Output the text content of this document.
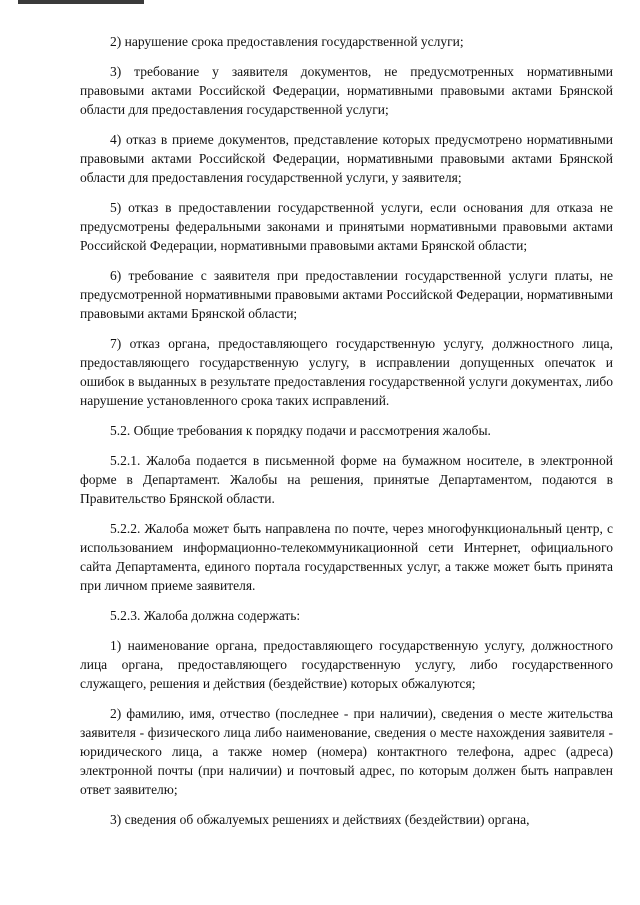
2) нарушение срока предоставления государственной услуги;

3) требование у заявителя документов, не предусмотренных нормативными правовыми актами Российской Федерации, нормативными правовыми актами Брянской области для предоставления государственной услуги;

4) отказ в приеме документов, представление которых предусмотрено нормативными правовыми актами Российской Федерации, нормативными правовыми актами Брянской области для предоставления государственной услуги, у заявителя;

5) отказ в предоставлении государственной услуги, если основания для отказа не предусмотрены федеральными законами и принятыми нормативными правовыми актами Российской Федерации, нормативными правовыми актами Брянской области;

6) требование с заявителя при предоставлении государственной услуги платы, не предусмотренной нормативными правовыми актами Российской Федерации, нормативными правовыми актами Брянской области;

7) отказ органа, предоставляющего государственную услугу, должностного лица, предоставляющего государственную услугу, в исправлении допущенных опечаток и ошибок в выданных в результате предоставления государственной услуги документах, либо нарушение установленного срока таких исправлений.

5.2. Общие требования к порядку подачи и рассмотрения жалобы.

5.2.1. Жалоба подается в письменной форме на бумажном носителе, в электронной форме в Департамент. Жалобы на решения, принятые Департаментом, подаются в Правительство Брянской области.

5.2.2. Жалоба может быть направлена по почте, через многофункциональный центр, с использованием информационно-телекоммуникационной сети Интернет, официального сайта Департамента, единого портала государственных услуг, а также может быть принята при личном приеме заявителя.

5.2.3. Жалоба должна содержать:

1) наименование органа, предоставляющего государственную услугу, должностного лица органа, предоставляющего государственную услугу, либо государственного служащего, решения и действия (бездействие) которых обжалуются;

2) фамилию, имя, отчество (последнее - при наличии), сведения о месте жительства заявителя - физического лица либо наименование, сведения о месте нахождения заявителя - юридического лица, а также номер (номера) контактного телефона, адрес (адреса) электронной почты (при наличии) и почтовый адрес, по которым должен быть направлен ответ заявителю;

3) сведения об обжалуемых решениях и действиях (бездействии) органа,
